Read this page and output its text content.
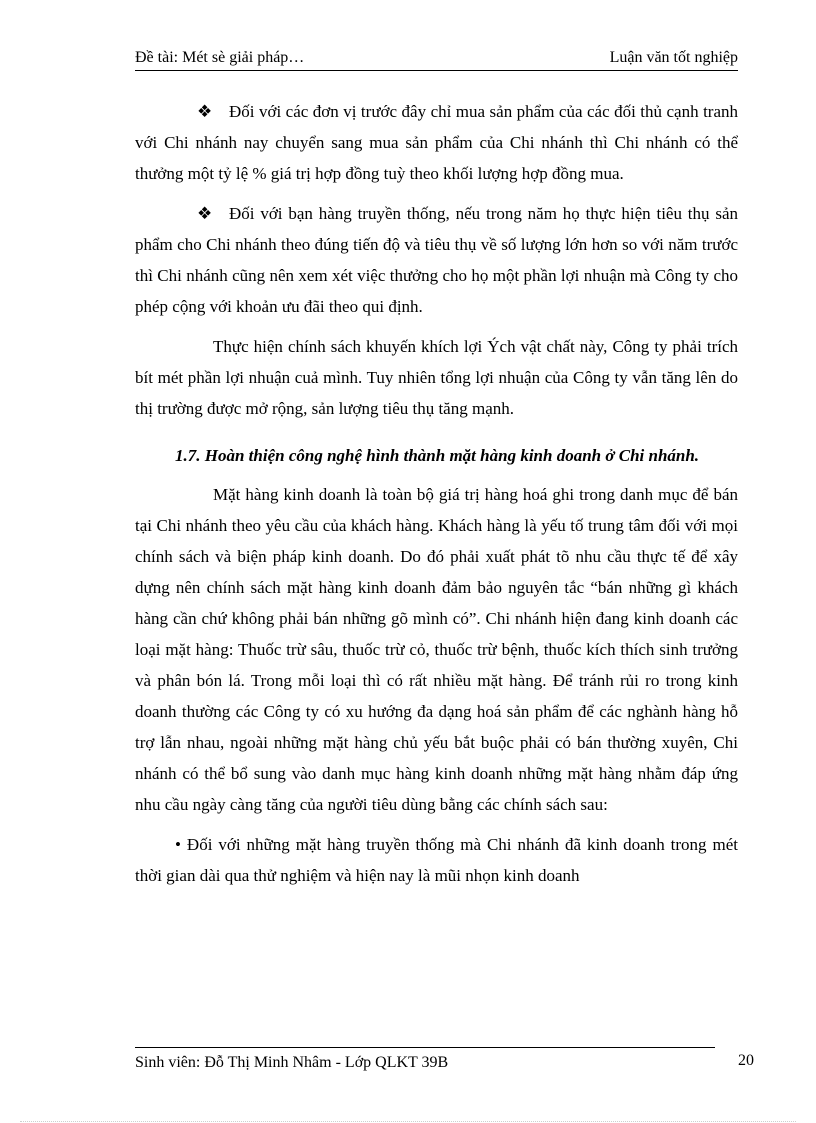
Đề tài: Mét sè giải pháp…	Luận văn tốt nghiệp

❖ Đối với các đơn vị trước đây chỉ mua sản phẩm của các đối thủ cạnh tranh với Chi nhánh nay chuyển sang mua sản phẩm của Chi nhánh thì Chi nhánh có thể thưởng một tỷ lệ % giá trị hợp đồng tuỳ theo khối lượng hợp đồng mua.

❖ Đối với bạn hàng truyền thống, nếu trong năm họ thực hiện tiêu thụ sản phẩm cho Chi nhánh theo đúng tiến độ và tiêu thụ về số lượng lớn hơn so với năm trước thì Chi nhánh cũng nên xem xét việc thưởng cho họ một phần lợi nhuận mà Công ty cho phép cộng với khoản ưu đãi theo qui định.

Thực hiện chính sách khuyến khích lợi Ých vật chất này, Công ty phải trích bít mét phần lợi nhuận cuả mình. Tuy nhiên tổng lợi nhuận của Công ty vẫn tăng lên do thị trường được mở rộng, sản lượng tiêu thụ tăng mạnh.

1.7. Hoàn thiện công nghệ hình thành mặt hàng kinh doanh ở Chi nhánh.

Mặt hàng kinh doanh là toàn bộ giá trị hàng hoá ghi trong danh mục để bán tại Chi nhánh theo yêu cầu của khách hàng. Khách hàng là yếu tố trung tâm đối với mọi chính sách và biện pháp kinh doanh. Do đó phải xuất phát tõ nhu cầu thực tế để xây dựng nên chính sách mặt hàng kinh doanh đảm bảo nguyên tắc “bán những gì khách hàng cần chứ không phải bán những gõ mình có”. Chi nhánh hiện đang kinh doanh các loại mặt hàng: Thuốc trừ sâu, thuốc trừ cỏ, thuốc trừ bệnh, thuốc kích thích sinh trưởng và phân bón lá. Trong mỗi loại thì có rất nhiều mặt hàng. Để tránh rủi ro trong kinh doanh thường các Công ty có xu hướng đa dạng hoá sản phẩm để các nghành hàng hỗ trợ lẫn nhau, ngoài những mặt hàng chủ yếu bắt buộc phải có bán thường xuyên, Chi nhánh có thể bổ sung vào danh mục hàng kinh doanh những mặt hàng nhằm đáp ứng nhu cầu ngày càng tăng của người tiêu dùng bằng các chính sách sau:

• Đối với những mặt hàng truyền thống mà Chi nhánh đã kinh doanh trong mét thời gian dài qua thử nghiệm và hiện nay là mũi nhọn kinh doanh

Sinh viên: Đỗ Thị Minh Nhâm - Lớp QLKT 39B	20
